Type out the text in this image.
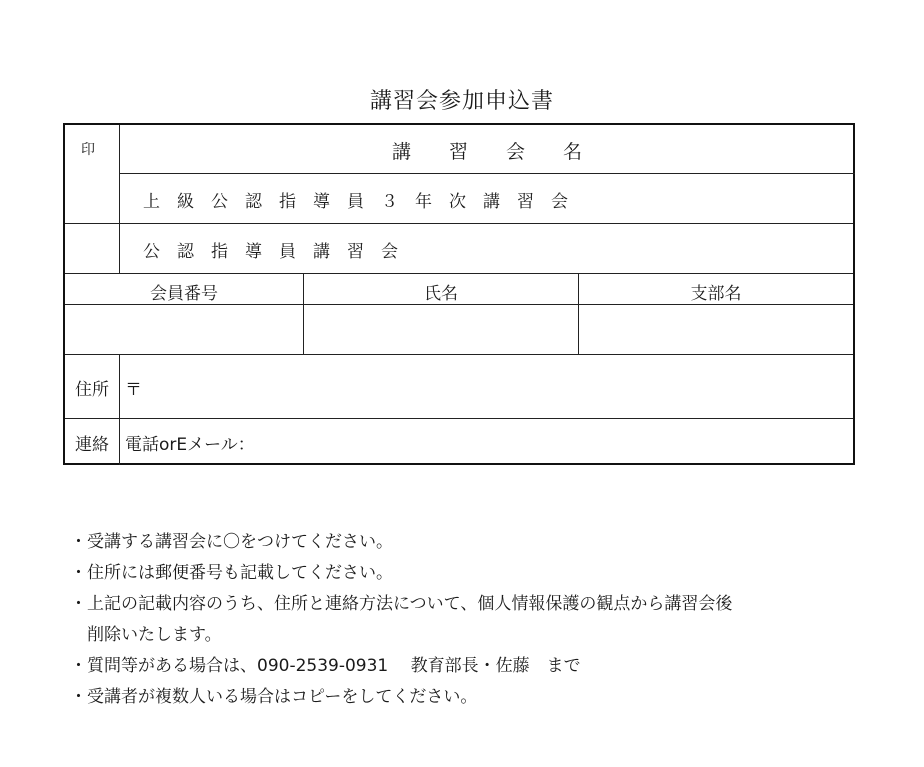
講習会参加申込書
印	講　　習　　会　　名
上　級　公　認　指　導　員　３　年　次　講　習　会
公　認　指　導　員　講　習　会
会員番号	氏名	支部名
住所 〒
連絡 電話orEメール：
・受講する講習会に〇をつけてください。
・住所には郵便番号も記載してください。
・上記の記載内容のうち、住所と連絡方法について、個人情報保護の観点から講習会後
削除いたします。
・質問等がある場合は、090-2539-0931　 教育部長・佐藤　まで
・受講者が複数人いる場合はコピーをしてください。
